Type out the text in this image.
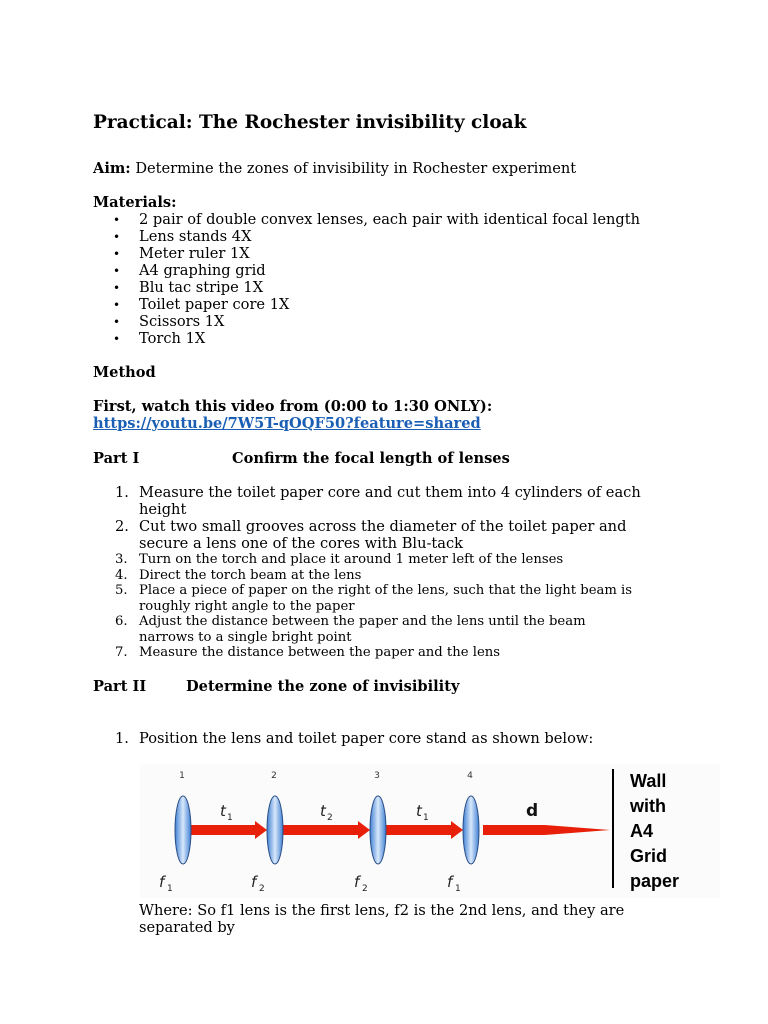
Practical: The Rochester invisibility cloak
Aim: Determine the zones of invisibility in Rochester experiment
Materials:
• 2 pair of double convex lenses, each pair with identical focal length
• Lens stands 4X
• Meter ruler 1X
• A4 graphing grid
• Blu tac stripe 1X
• Toilet paper core 1X
• Scissors 1X
• Torch 1X
Method
First, watch this video from (0:00 to 1:30 ONLY):
https://youtu.be/7W5T-qOQF50?feature=shared
Part I	Confirm the focal length of lenses
1. Measure the toilet paper core and cut them into 4 cylinders of each
height
2. Cut two small grooves across the diameter of the toilet paper and
secure a lens one of the cores with Blu-tack
3. Turn on the torch and place it around 1 meter left of the lenses
4. Direct the torch beam at the lens
5. Place a piece of paper on the right of the lens, such that the light beam is
roughly right angle to the paper
6. Adjust the distance between the paper and the lens until the beam
narrows to a single bright point
7. Measure the distance between the paper and the lens
Part II	Determine the zone of invisibility
1. Position the lens and toilet paper core stand as shown below:
1
f 1
2
f 2
3
f 2
4
f 1
t 1	t 2	t 1	d
Wall
with
A4
Grid
paper
Where: So f1 lens is the first lens, f2 is the 2nd lens, and they are
separated by
